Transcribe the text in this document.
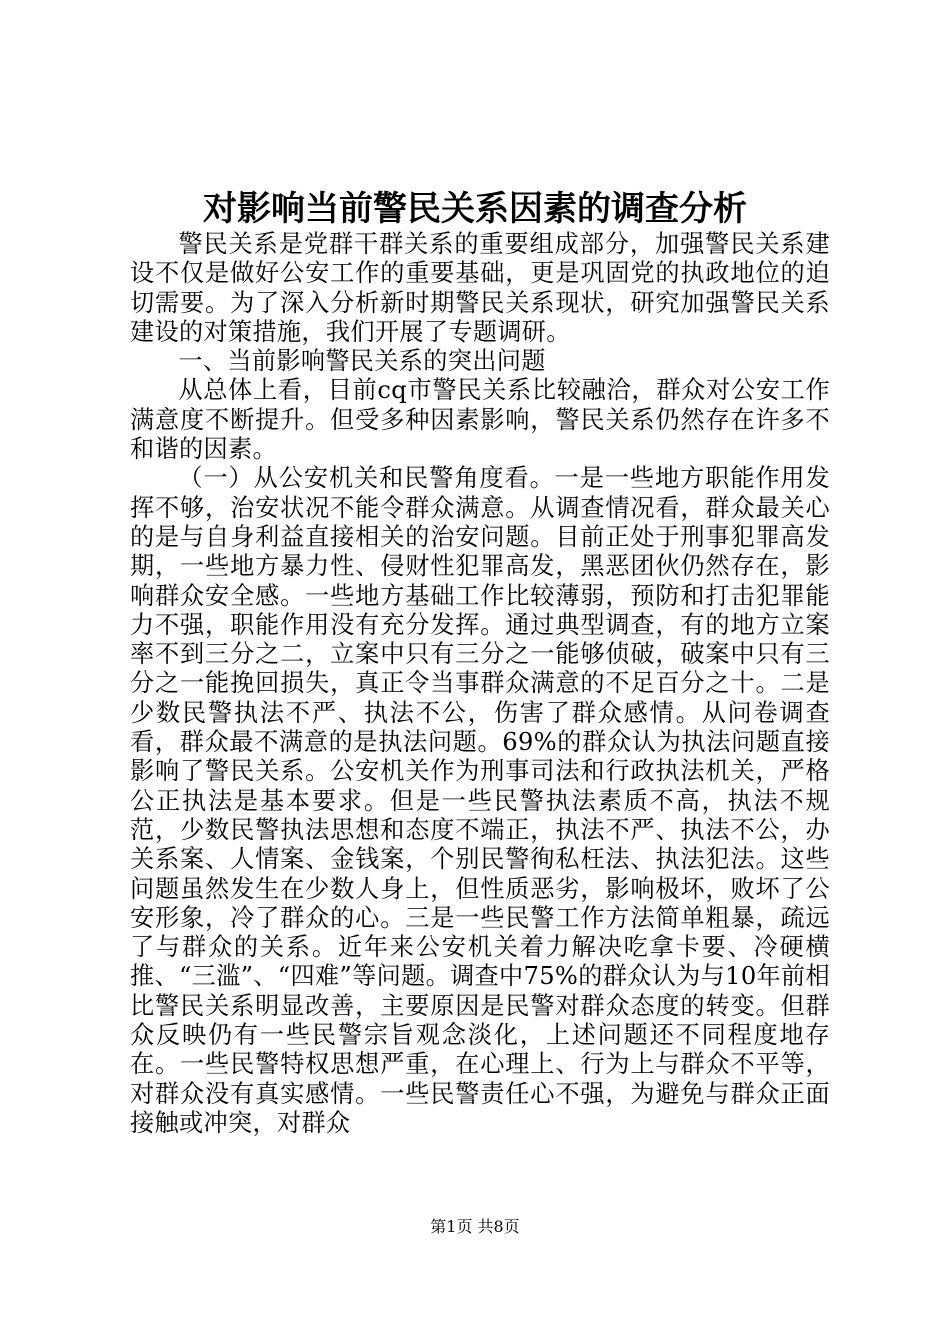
对影响当前警民关系因素的调查分析

警民关系是党群干群关系的重要组成部分，加强警民关系建设不仅是做好公安工作的重要基础，更是巩固党的执政地位的迫切需要。为了深入分析新时期警民关系现状，研究加强警民关系建设的对策措施，我们开展了专题调研。

一、当前影响警民关系的突出问题

从总体上看，目前cq市警民关系比较融洽，群众对公安工作满意度不断提升。但受多种因素影响，警民关系仍然存在许多不和谐的因素。

（一）从公安机关和民警角度看。一是一些地方职能作用发挥不够，治安状况不能令群众满意。从调查情况看，群众最关心的是与自身利益直接相关的治安问题。目前正处于刑事犯罪高发期，一些地方暴力性、侵财性犯罪高发，黑恶团伙仍然存在，影响群众安全感。一些地方基础工作比较薄弱，预防和打击犯罪能力不强，职能作用没有充分发挥。通过典型调查，有的地方立案率不到三分之二，立案中只有三分之一能够侦破，破案中只有三分之一能挽回损失，真正令当事群众满意的不足百分之十。二是少数民警执法不严、执法不公，伤害了群众感情。从问卷调查看，群众最不满意的是执法问题。69%的群众认为执法问题直接影响了警民关系。公安机关作为刑事司法和行政执法机关，严格公正执法是基本要求。但是一些民警执法素质不高，执法不规范，少数民警执法思想和态度不端正，执法不严、执法不公，办关系案、人情案、金钱案，个别民警徇私枉法、执法犯法。这些问题虽然发生在少数人身上，但性质恶劣，影响极坏，败坏了公安形象，冷了群众的心。三是一些民警工作方法简单粗暴，疏远了与群众的关系。近年来公安机关着力解决吃拿卡要、冷硬横推、“三滥”、“四难”等问题。调查中75%的群众认为与10年前相比警民关系明显改善，主要原因是民警对群众态度的转变。但群众反映仍有一些民警宗旨观念淡化，上述问题还不同程度地存在。一些民警特权思想严重，在心理上、行为上与群众不平等，对群众没有真实感情。一些民警责任心不强，为避免与群众正面接触或冲突，对群众

第1页 共8页
